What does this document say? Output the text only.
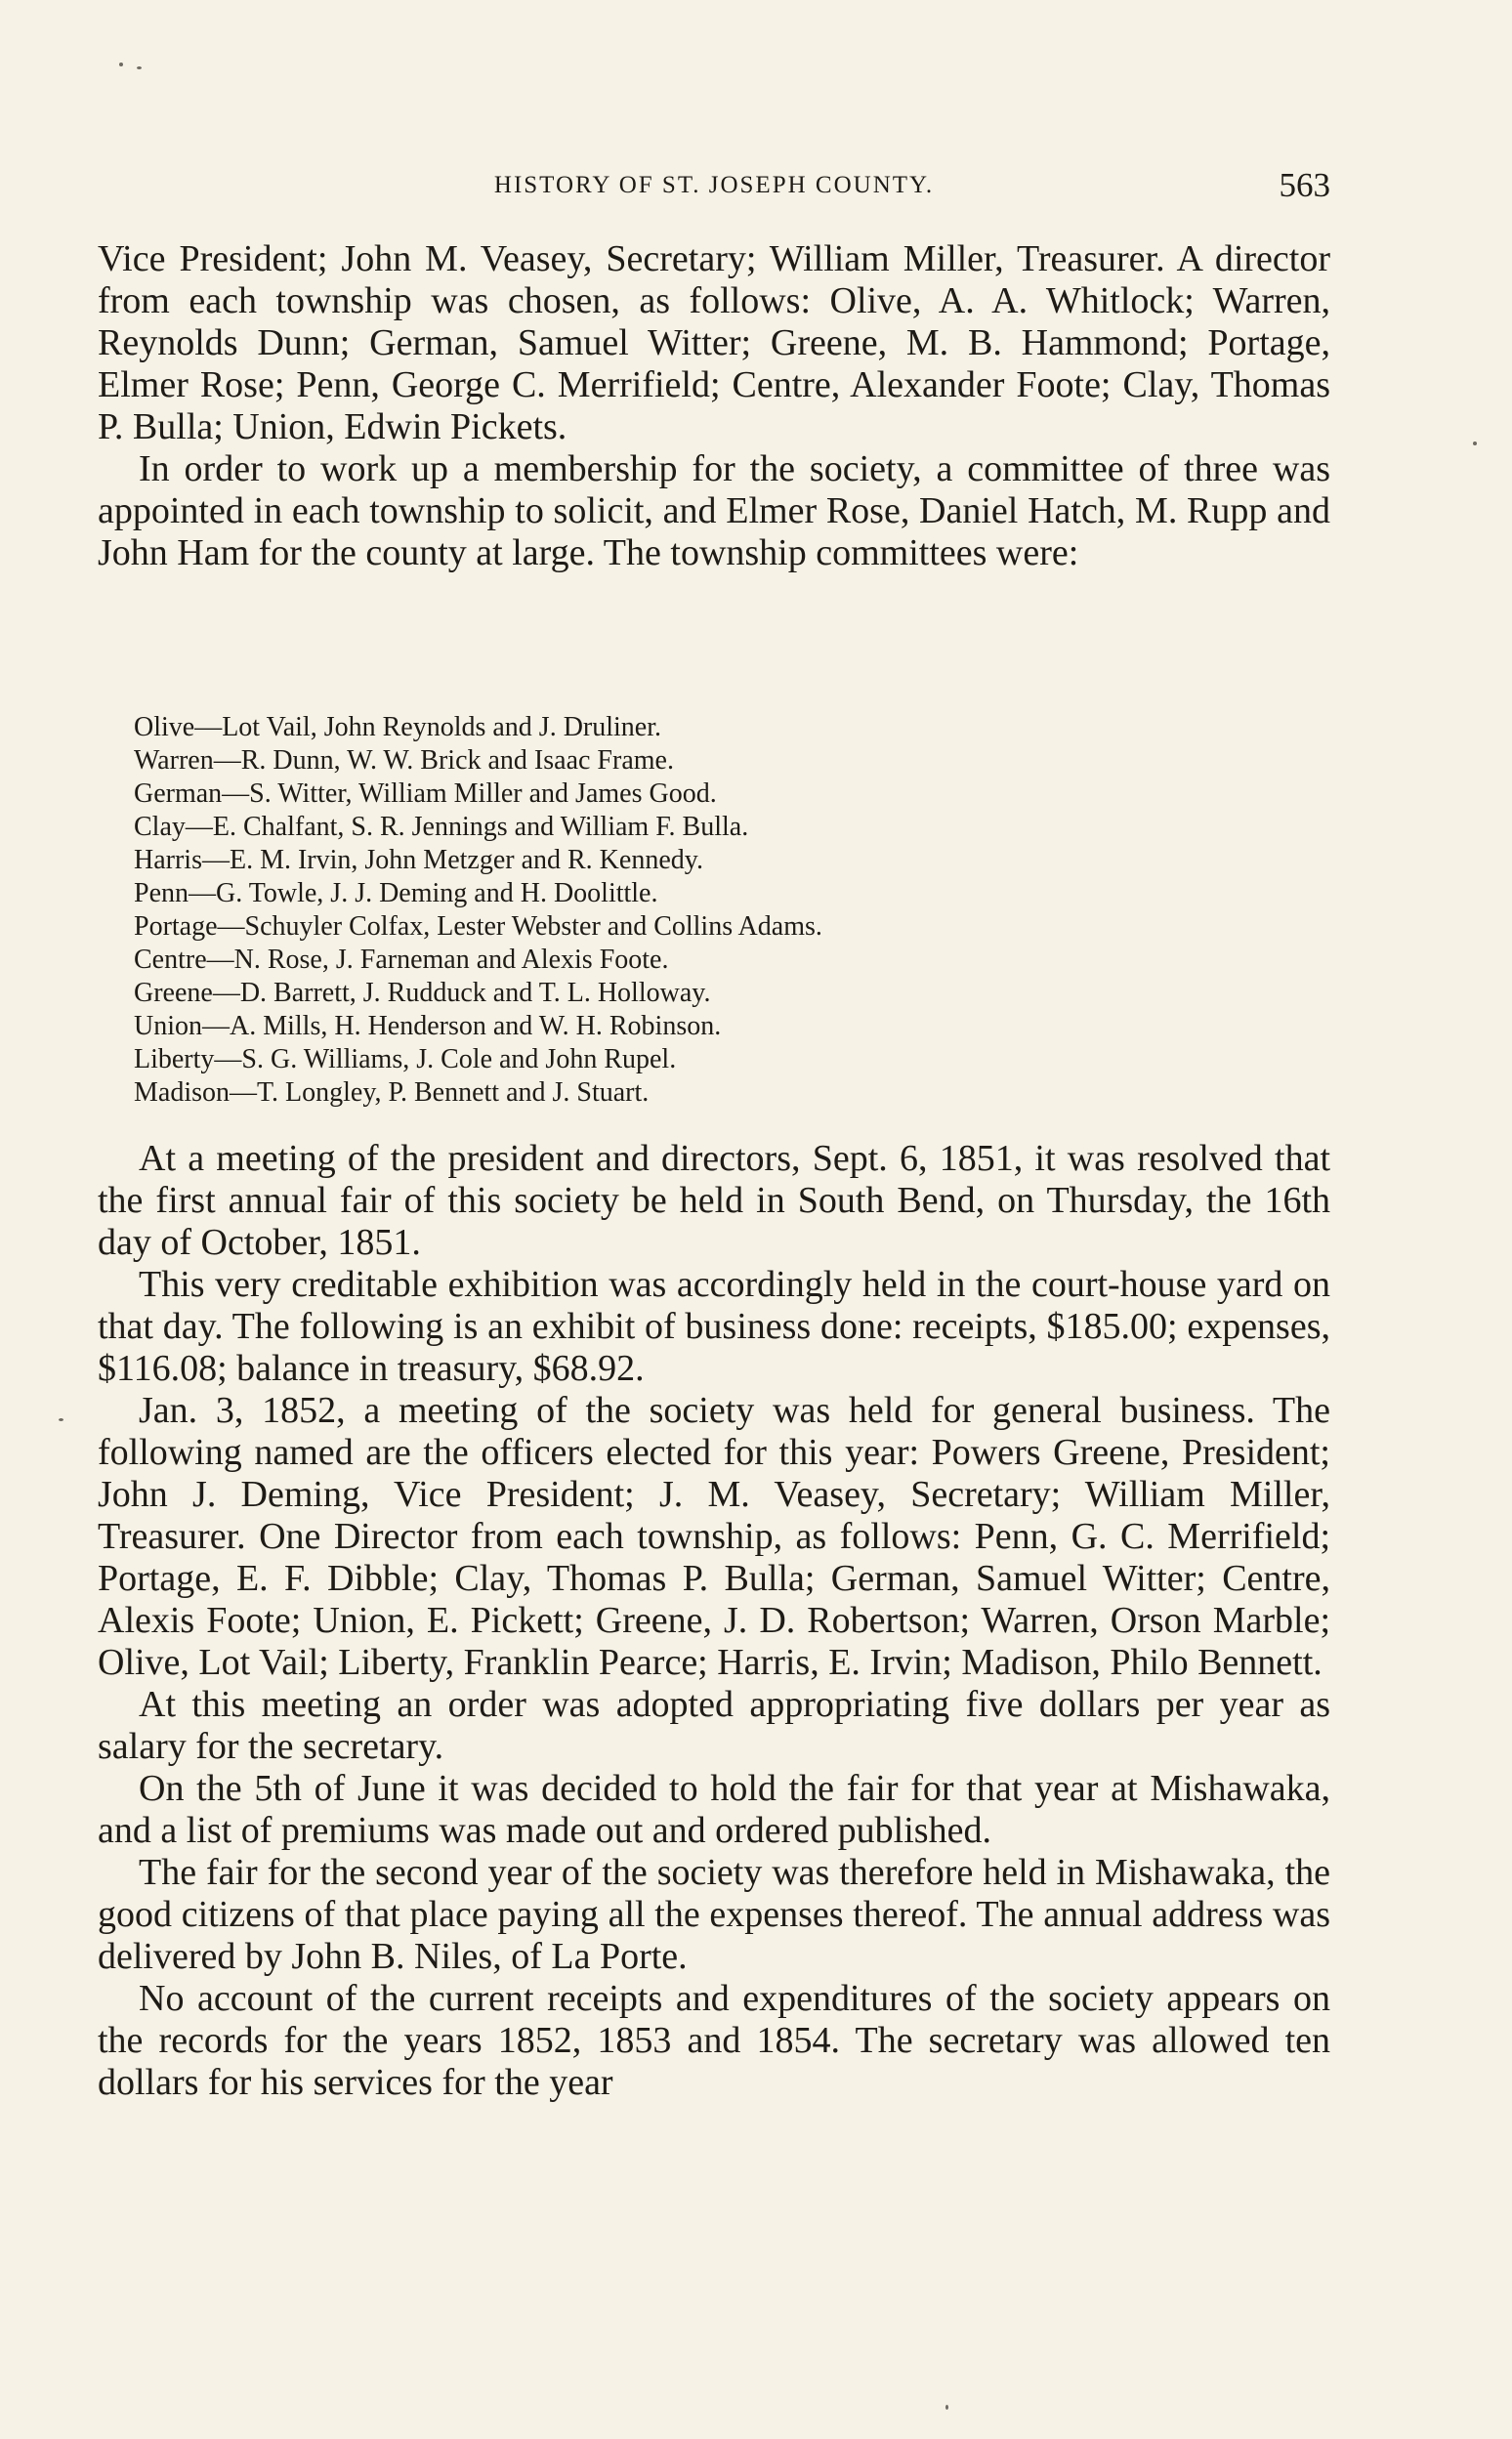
HISTORY OF ST. JOSEPH COUNTY.	563

Vice President; John M. Veasey, Secretary; William Miller, Treasurer. A director from each township was chosen, as follows: Olive, A. A. Whitlock; Warren, Reynolds Dunn; German, Samuel Witter; Greene, M. B. Hammond; Portage, Elmer Rose; Penn, George C. Merrifield; Centre, Alexander Foote; Clay, Thomas P. Bulla; Union, Edwin Pickets.

In order to work up a membership for the society, a committee of three was appointed in each township to solicit, and Elmer Rose, Daniel Hatch, M. Rupp and John Ham for the county at large. The township committees were:

Olive—Lot Vail, John Reynolds and J. Druliner.
Warren—R. Dunn, W. W. Brick and Isaac Frame.
German—S. Witter, William Miller and James Good.
Clay—E. Chalfant, S. R. Jennings and William F. Bulla.
Harris—E. M. Irvin, John Metzger and R. Kennedy.
Penn—G. Towle, J. J. Deming and H. Doolittle.
Portage—Schuyler Colfax, Lester Webster and Collins Adams.
Centre—N. Rose, J. Farneman and Alexis Foote.
Greene—D. Barrett, J. Rudduck and T. L. Holloway.
Union—A. Mills, H. Henderson and W. H. Robinson.
Liberty—S. G. Williams, J. Cole and John Rupel.
Madison—T. Longley, P. Bennett and J. Stuart.

At a meeting of the president and directors, Sept. 6, 1851, it was resolved that the first annual fair of this society be held in South Bend, on Thursday, the 16th day of October, 1851.

This very creditable exhibition was accordingly held in the court-house yard on that day. The following is an exhibit of business done: receipts, $185.00; expenses, $116.08; balance in treasury, $68.92.

Jan. 3, 1852, a meeting of the society was held for general business. The following named are the officers elected for this year: Powers Greene, President; John J. Deming, Vice President; J. M. Veasey, Secretary; William Miller, Treasurer. One Director from each township, as follows: Penn, G. C. Merrifield; Portage, E. F. Dibble; Clay, Thomas P. Bulla; German, Samuel Witter; Centre, Alexis Foote; Union, E. Pickett; Greene, J. D. Robertson; Warren, Orson Marble; Olive, Lot Vail; Liberty, Franklin Pearce; Harris, E. Irvin; Madison, Philo Bennett.

At this meeting an order was adopted appropriating five dollars per year as salary for the secretary.

On the 5th of June it was decided to hold the fair for that year at Mishawaka, and a list of premiums was made out and ordered published.

The fair for the second year of the society was therefore held in Mishawaka, the good citizens of that place paying all the expenses thereof. The annual address was delivered by John B. Niles, of La Porte.

No account of the current receipts and expenditures of the society appears on the records for the years 1852, 1853 and 1854. The secretary was allowed ten dollars for his services for the year
